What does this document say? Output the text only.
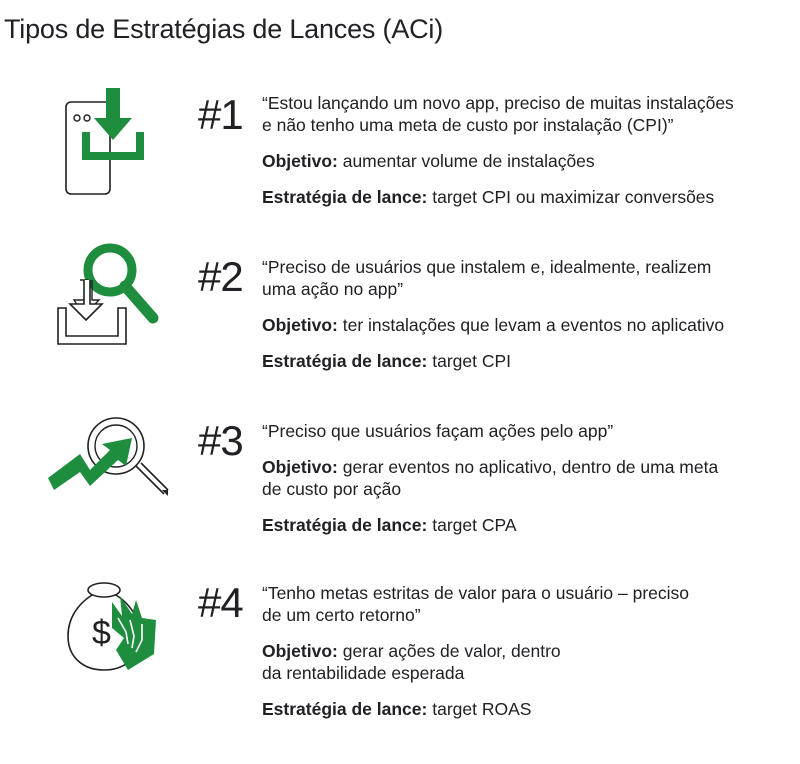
Tipos de Estratégias de Lances (ACi)
#1 “Estou lançando um novo app, preciso de muitas instalações

e não tenho uma meta de custo por instalação (CPI)”

Objetivo: aumentar volume de instalações

Estratégia de lance: target CPI ou maximizar conversões

#2 “Preciso de usuários que instalem e, idealmente, realizem

uma ação no app”

Objetivo: ter instalações que levam a eventos no aplicativo

Estratégia de lance: target CPI

#3 “Preciso que usuários façam ações pelo app”

Objetivo: gerar eventos no aplicativo, dentro de uma meta

de custo por ação

Estratégia de lance: target CPA

$
#4 “Tenho metas estritas de valor para o usuário – preciso

de um certo retorno”

Objetivo: gerar ações de valor, dentro

da rentabilidade esperada

Estratégia de lance: target ROAS
